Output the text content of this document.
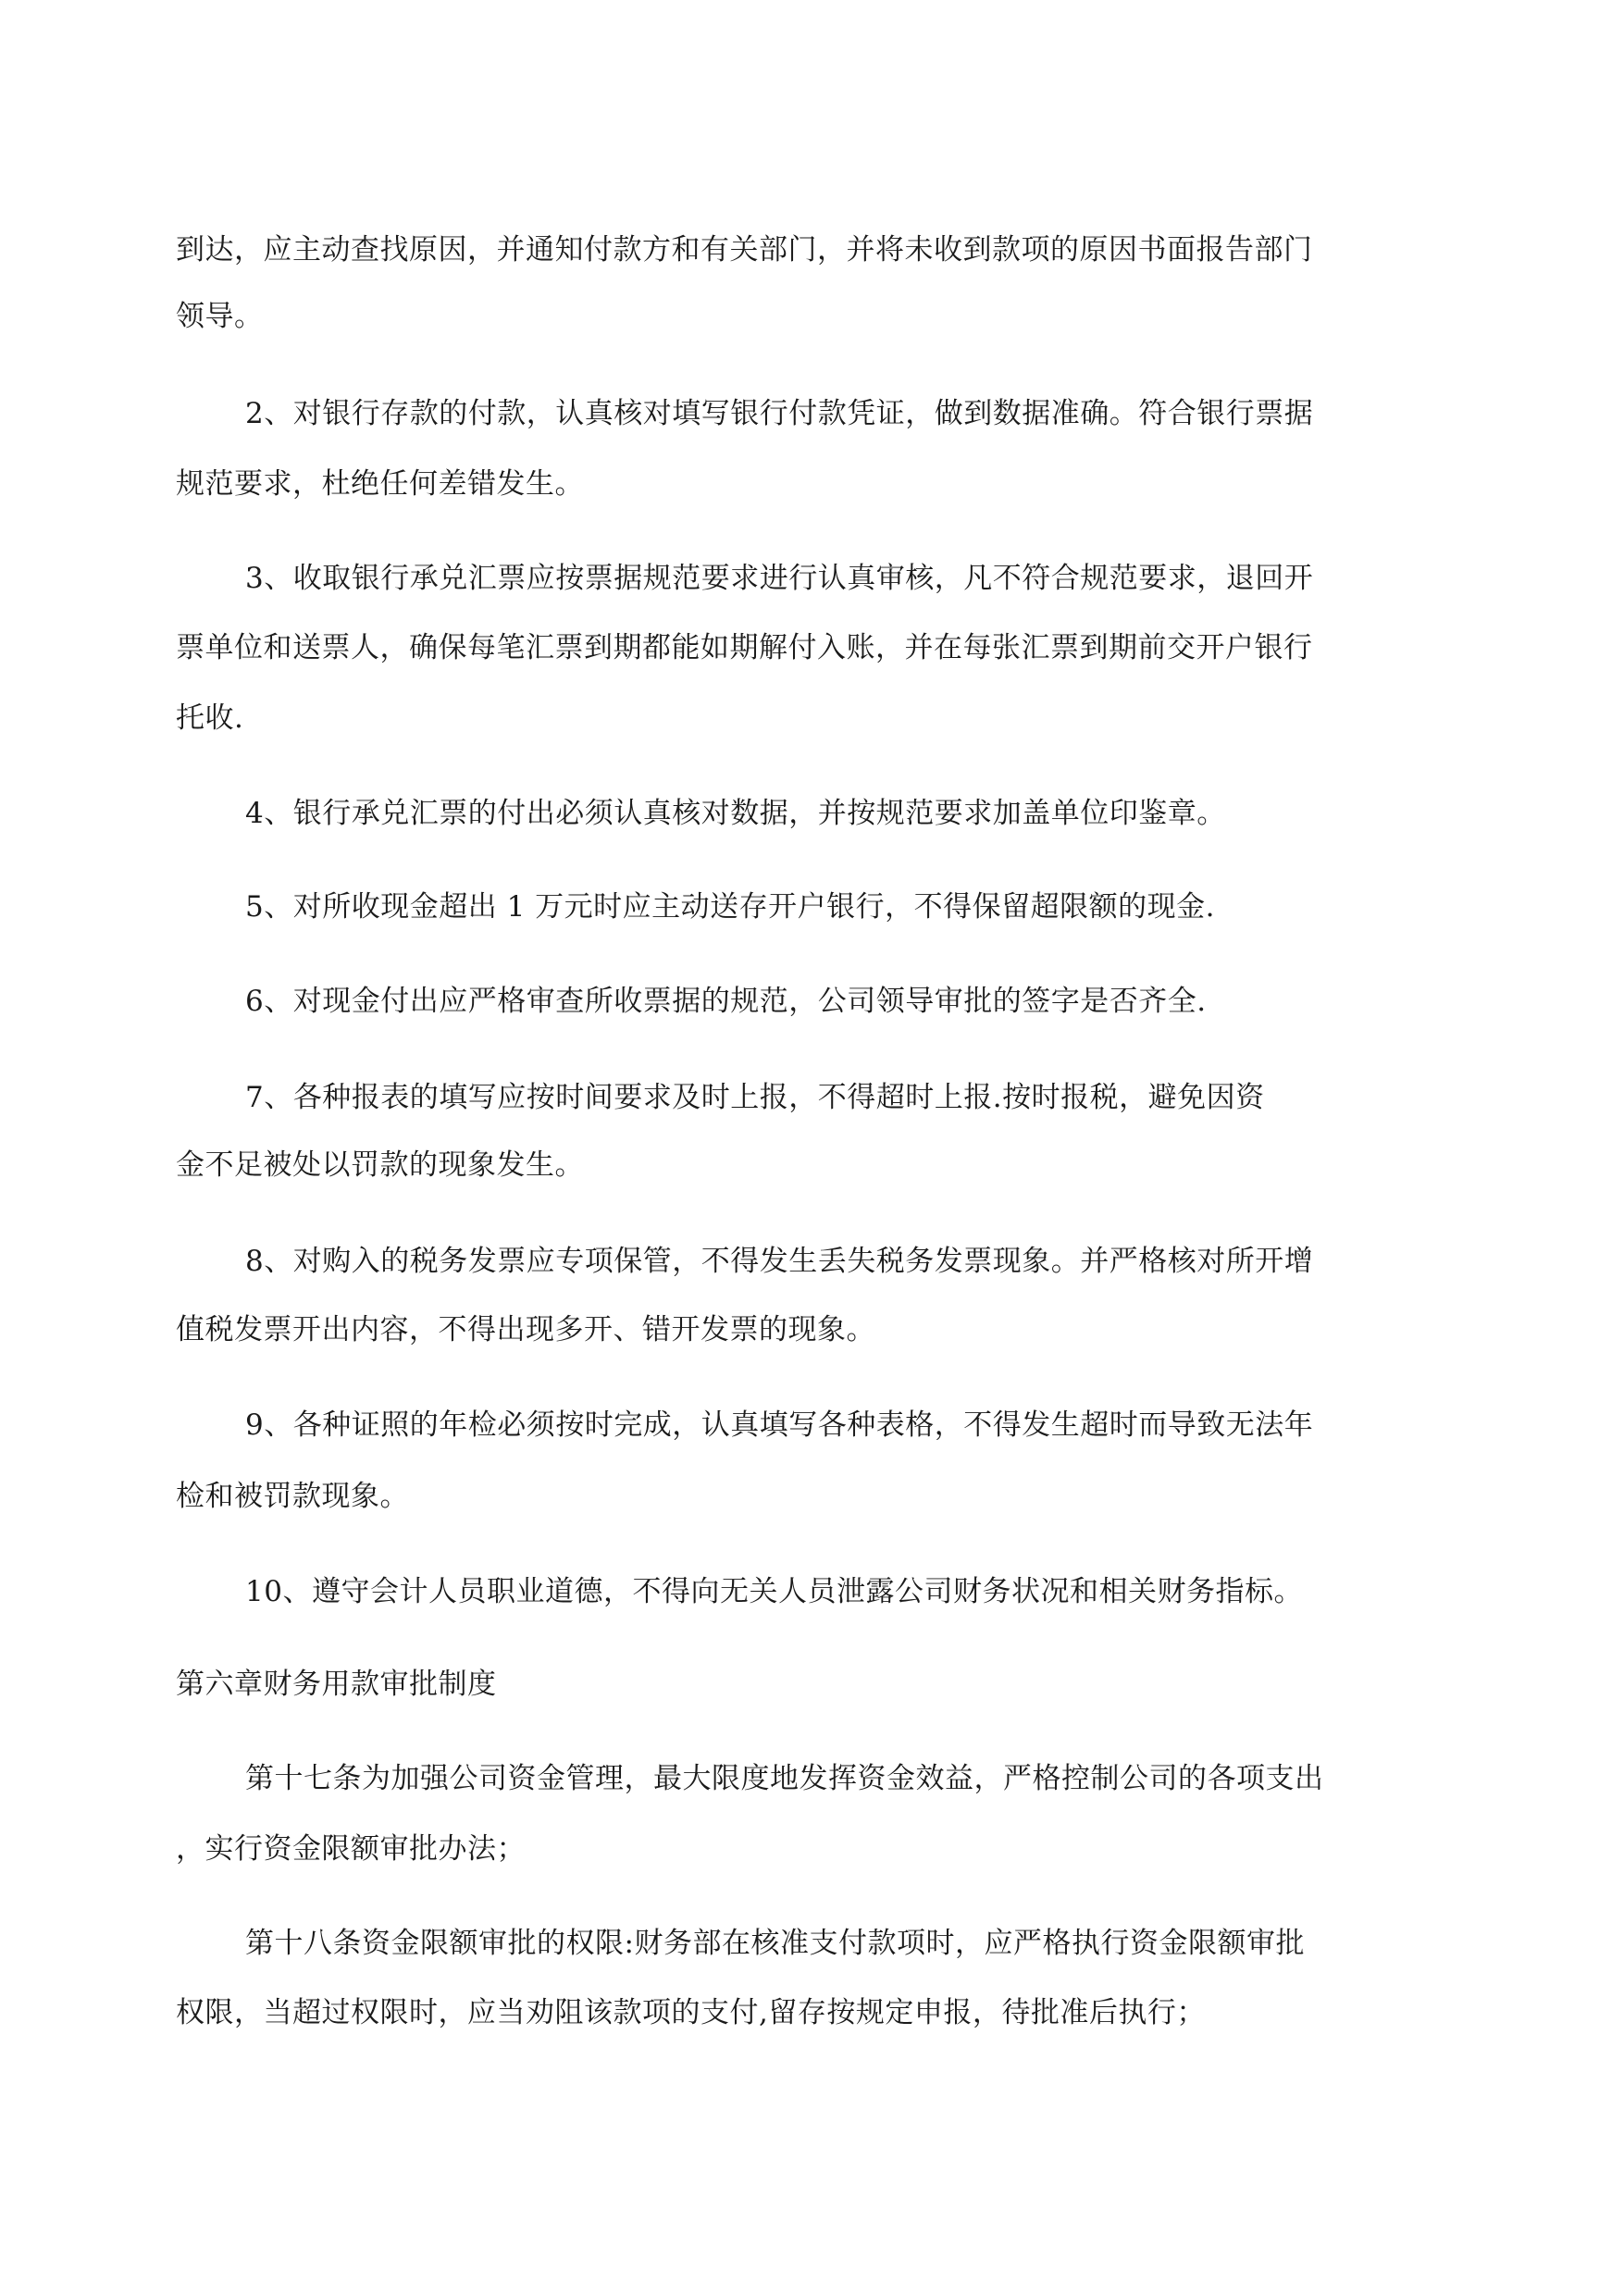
到达，应主动查找原因，并通知付款方和有关部门，并将未收到款项的原因书面报告部门
领导。
2、对银行存款的付款，认真核对填写银行付款凭证，做到数据准确。符合银行票据
规范要求，杜绝任何差错发生。
3、收取银行承兑汇票应按票据规范要求进行认真审核，凡不符合规范要求，退回开
票单位和送票人，确保每笔汇票到期都能如期解付入账，并在每张汇票到期前交开户银行
托收.
4、银行承兑汇票的付出必须认真核对数据，并按规范要求加盖单位印鉴章。
5、对所收现金超出 1 万元时应主动送存开户银行，不得保留超限额的现金.
6、对现金付出应严格审查所收票据的规范，公司领导审批的签字是否齐全.
7、各种报表的填写应按时间要求及时上报，不得超时上报.按时报税，避免因资
金不足被处以罚款的现象发生。
8、对购入的税务发票应专项保管，不得发生丢失税务发票现象。并严格核对所开增
值税发票开出内容，不得出现多开、错开发票的现象。
9、各种证照的年检必须按时完成，认真填写各种表格，不得发生超时而导致无法年
检和被罚款现象。
10、遵守会计人员职业道德，不得向无关人员泄露公司财务状况和相关财务指标。
第六章财务用款审批制度
第十七条为加强公司资金管理，最大限度地发挥资金效益，严格控制公司的各项支出
，实行资金限额审批办法；
第十八条资金限额审批的权限:财务部在核准支付款项时，应严格执行资金限额审批
权限，当超过权限时，应当劝阻该款项的支付,留存按规定申报，待批准后执行；
